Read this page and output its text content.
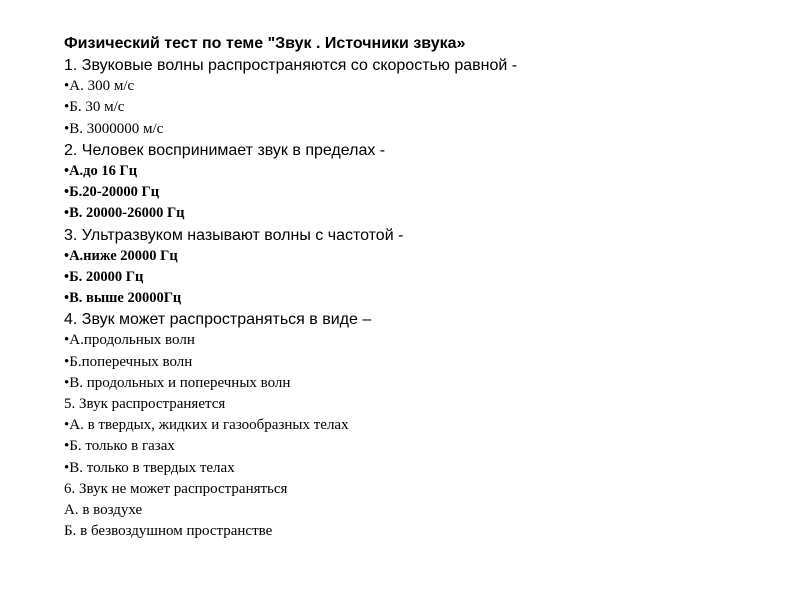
Физический тест по теме "Звук . Источники звука»
1. Звуковые волны распространяются со скоростью равной -
•А. 300 м/с
•Б. 30 м/с
•В. 3000000 м/с
2. Человек воспринимает звук в пределах -
•А.до 16 Гц
•Б.20-20000 Гц
•В. 20000-26000 Гц
3. Ультразвуком называют волны с частотой -
•А.ниже 20000 Гц
•Б. 20000 Гц
•В. выше 20000Гц
4. Звук может распространяться в виде –
•А.продольных волн
•Б.поперечных волн
•В. продольных и поперечных волн
5. Звук распространяется
•А. в твердых, жидких и газообразных телах
•Б. только в газах
•В. только в твердых телах
6. Звук не может распространяться
А. в воздухе
Б. в безвоздушном пространстве
